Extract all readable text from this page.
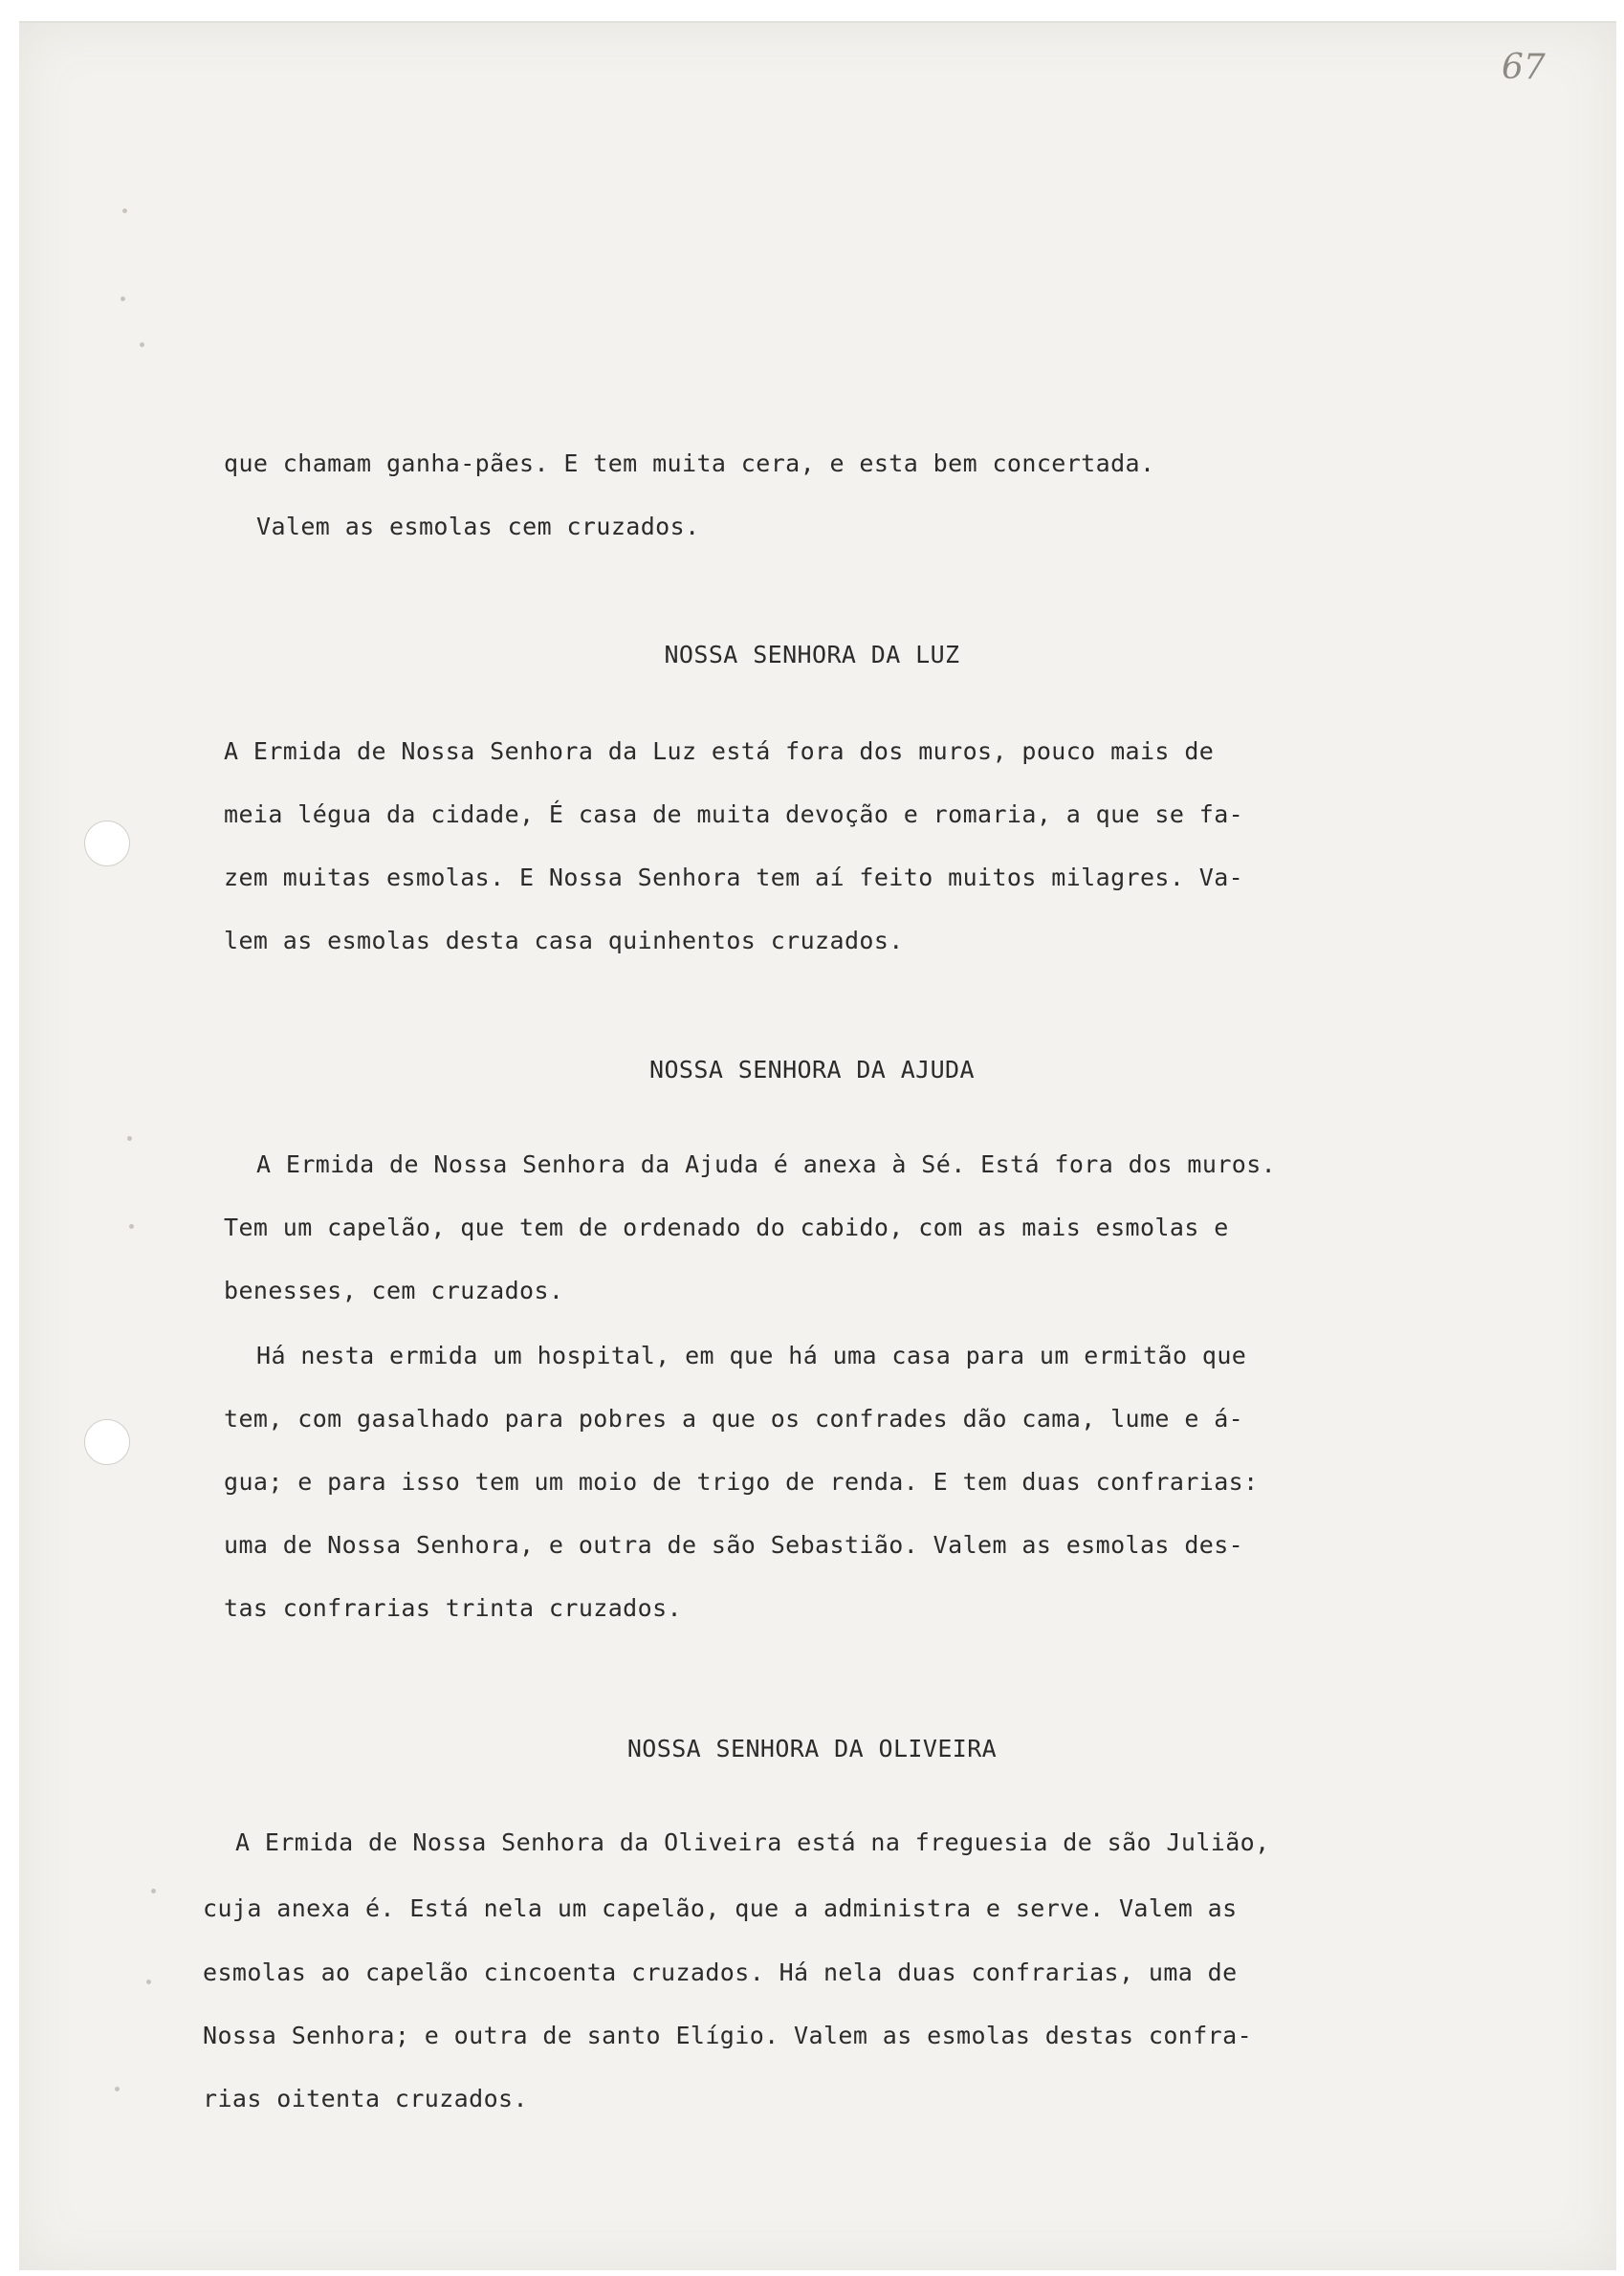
67
que chamam ganha-pães. E tem muita cera, e esta bem concertada.
Valem as esmolas cem cruzados.
NOSSA SENHORA DA LUZ
A Ermida de Nossa Senhora da Luz está fora dos muros, pouco mais de
meia légua da cidade, É casa de muita devoção e romaria, a que se fa-
zem muitas esmolas. E Nossa Senhora tem aí feito muitos milagres. Va-
lem as esmolas desta casa quinhentos cruzados.
NOSSA SENHORA DA AJUDA
A Ermida de Nossa Senhora da Ajuda é anexa à Sé. Está fora dos muros.
Tem um capelão, que tem de ordenado do cabido, com as mais esmolas e
benesses, cem cruzados.
Há nesta ermida um hospital, em que há uma casa para um ermitão que
tem, com gasalhado para pobres a que os confrades dão cama, lume e á-
gua; e para isso tem um moio de trigo de renda. E tem duas confrarias:
uma de Nossa Senhora, e outra de são Sebastião. Valem as esmolas des-
tas confrarias trinta cruzados.
NOSSA SENHORA DA OLIVEIRA
A Ermida de Nossa Senhora da Oliveira está na freguesia de são Julião,
cuja anexa é. Está nela um capelão, que a administra e serve. Valem as
esmolas ao capelão cincoenta cruzados. Há nela duas confrarias, uma de
Nossa Senhora; e outra de santo Elígio. Valem as esmolas destas confra-
rias oitenta cruzados.
